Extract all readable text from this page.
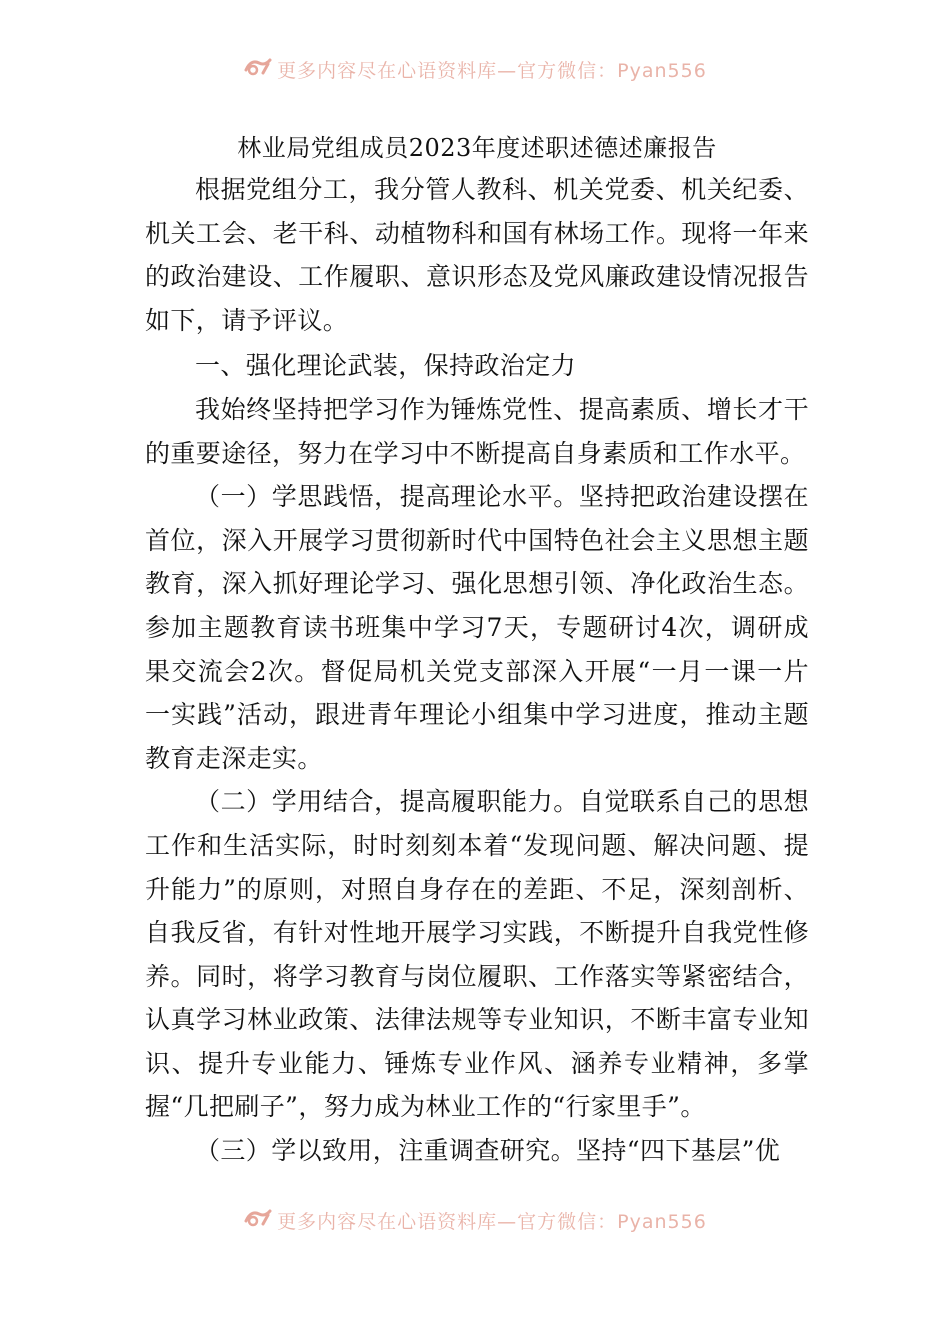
更多内容尽在心语资料库—官方微信：Pyan556
林业局党组成员2023年度述职述德述廉报告

根据党组分工，我分管人教科、机关党委、机关纪委、机关工会、老干科、动植物科和国有林场工作。现将一年来的政治建设、工作履职、意识形态及党风廉政建设情况报告如下，请予评议。

一、强化理论武装，保持政治定力

我始终坚持把学习作为锤炼党性、提高素质、增长才干的重要途径，努力在学习中不断提高自身素质和工作水平。

（一）学思践悟，提高理论水平。坚持把政治建设摆在首位，深入开展学习贯彻新时代中国特色社会主义思想主题教育，深入抓好理论学习、强化思想引领、净化政治生态。参加主题教育读书班集中学习7天，专题研讨4次，调研成果交流会2次。督促局机关党支部深入开展“一月一课一片一实践”活动，跟进青年理论小组集中学习进度，推动主题教育走深走实。

（二）学用结合，提高履职能力。自觉联系自己的思想工作和生活实际，时时刻刻本着“发现问题、解决问题、提升能力”的原则，对照自身存在的差距、不足，深刻剖析、自我反省，有针对性地开展学习实践，不断提升自我党性修养。同时，将学习教育与岗位履职、工作落实等紧密结合，认真学习林业政策、法律法规等专业知识，不断丰富专业知识、提升专业能力、锤炼专业作风、涵养专业精神，多掌握“几把刷子”，努力成为林业工作的“行家里手”。

（三）学以致用，注重调查研究。坚持“四下基层”优

更多内容尽在心语资料库—官方微信：Pyan556
